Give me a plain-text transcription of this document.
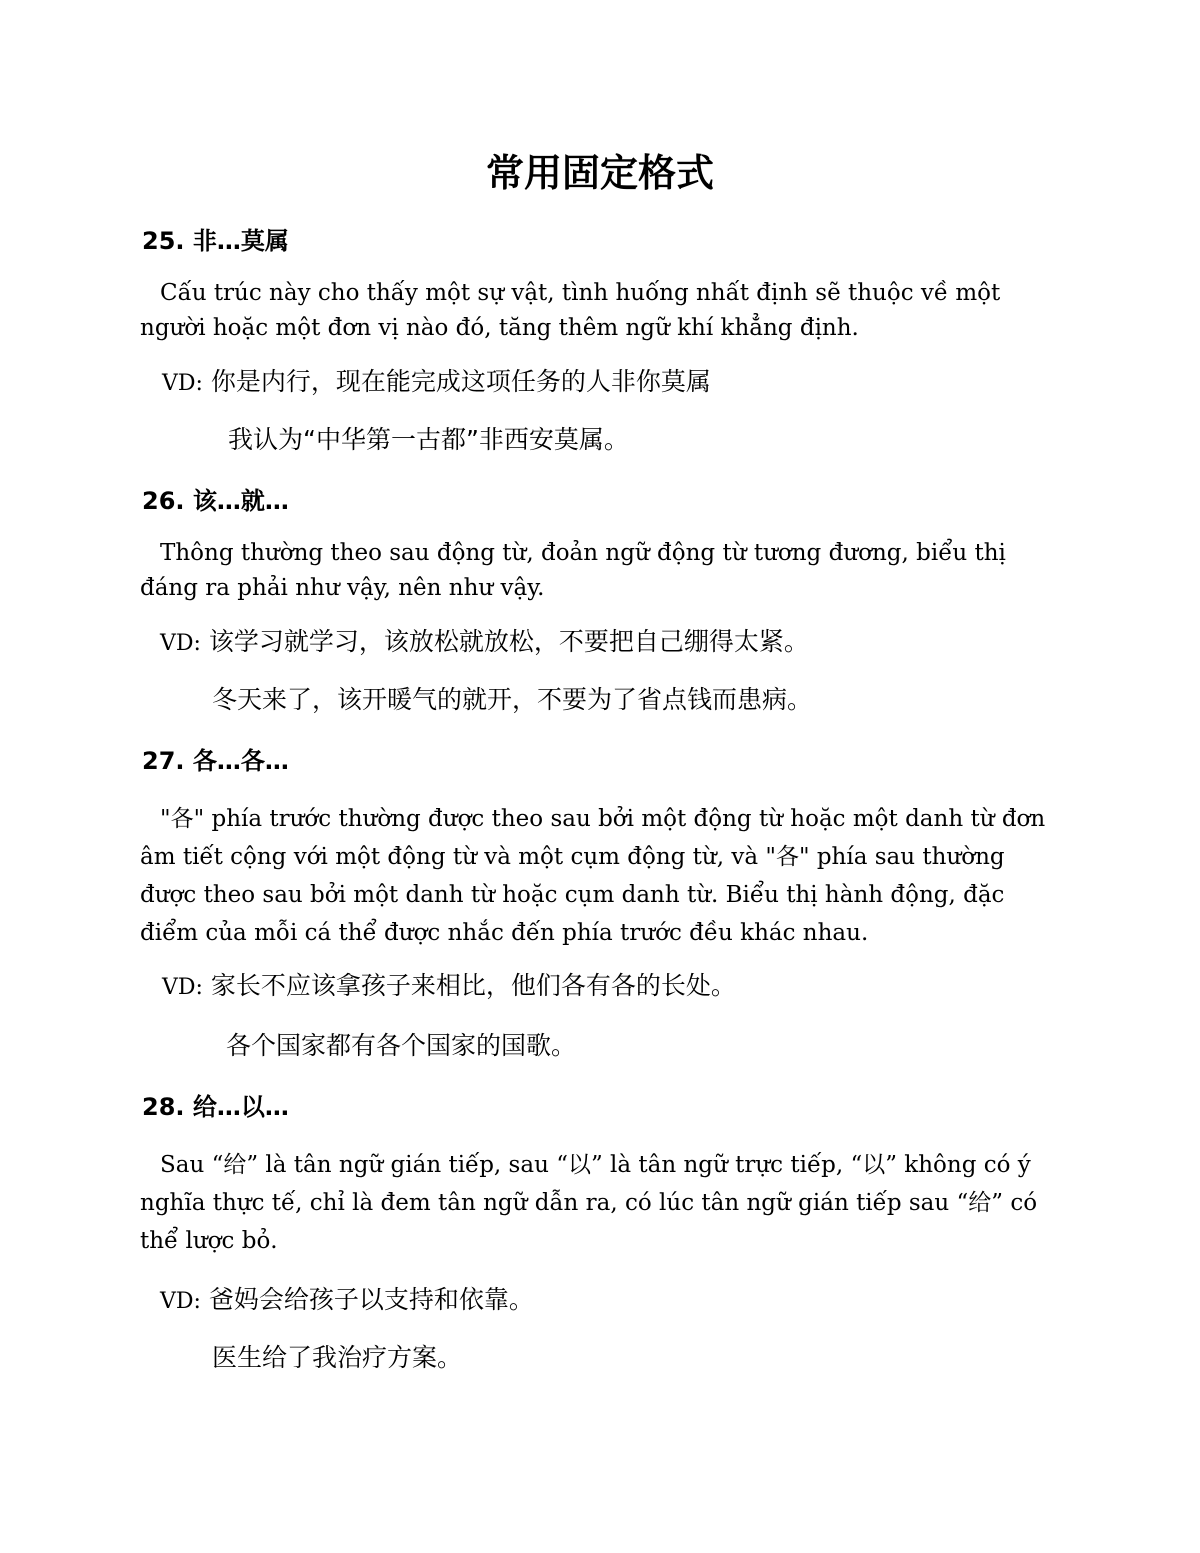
常用固定格式
25. 非…莫属

Cấu trúc này cho thấy một sự vật, tình huống nhất định sẽ thuộc về một người hoặc một đơn vị nào đó, tăng thêm ngữ khí khẳng định.

VD: 你是内行，现在能完成这项任务的人非你莫属
我认为“中华第一古都”非西安莫属。
26. 该…就…

Thông thường theo sau động từ, đoản ngữ động từ tương đương, biểu thị đáng ra phải như vậy, nên như vậy.

VD: 该学习就学习，该放松就放松，不要把自己绷得太紧。
冬天来了，该开暖气的就开，不要为了省点钱而患病。
27. 各…各…

"各" phía trước thường được theo sau bởi một động từ hoặc một danh từ đơn âm tiết cộng với một động từ và một cụm động từ, và "各" phía sau thường được theo sau bởi một danh từ hoặc cụm danh từ. Biểu thị hành động, đặc điểm của mỗi cá thể được nhắc đến phía trước đều khác nhau.

VD: 家长不应该拿孩子来相比，他们各有各的长处。
各个国家都有各个国家的国歌。
28. 给…以…

Sau “给” là tân ngữ gián tiếp, sau “以” là tân ngữ trực tiếp, “以” không có ý nghĩa thực tế, chỉ là đem tân ngữ dẫn ra, có lúc tân ngữ gián tiếp sau “给” có thể lược bỏ.

VD: 爸妈会给孩子以支持和依靠。
医生给了我治疗方案。
